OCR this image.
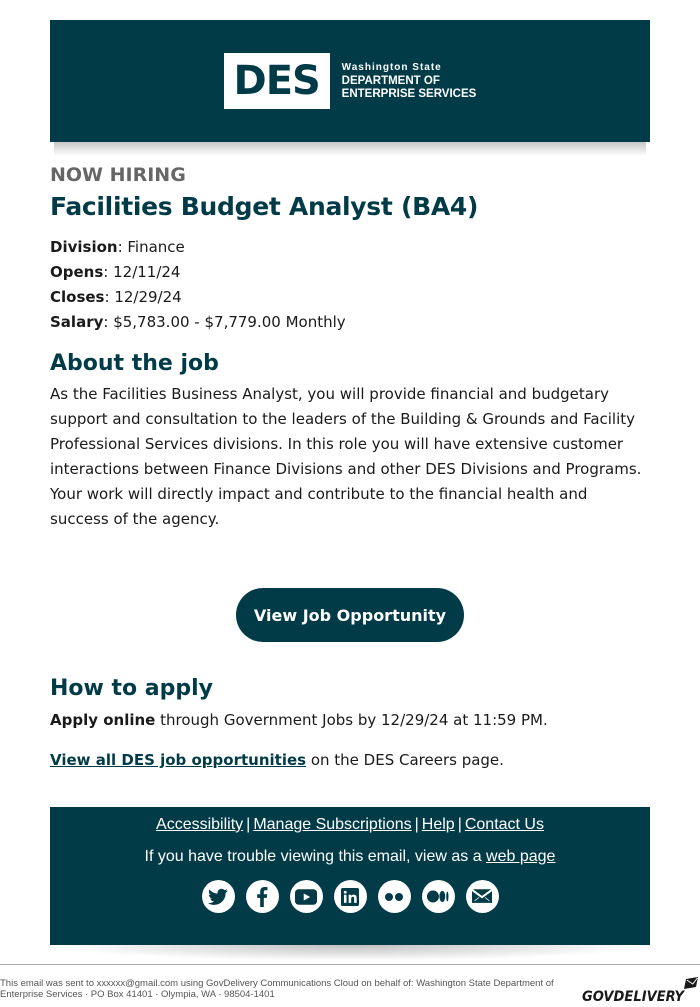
DES Washington State
DEPARTMENT OF
ENTERPRISE SERVICES
NOW HIRING
Facilities Budget Analyst (BA4)
Division: Finance
Opens: 12/11/24
Closes: 12/29/24
Salary: $5,783.00 - $7,779.00 Monthly
About the job

As the Facilities Business Analyst, you will provide financial and budgetary support and consultation to the leaders of the Building & Grounds and Facility Professional Services divisions. In this role you will have extensive customer interactions between Finance Divisions and other DES Divisions and Programs. Your work will directly impact and contribute to the financial health and success of the agency.

View Job Opportunity
How to apply

Apply online through Government Jobs by 12/29/24 at 11:59 PM.

View all DES job opportunities on the DES Careers page.

Accessibility | Manage Subscriptions | Help | Contact Us
If you have trouble viewing this email, view as a web page
This email was sent to xxxxxx@gmail.com using GovDelivery Communications Cloud on behalf of: Washington State Department of Enterprise Services · PO Box 41401 · Olympia, WA · 98504-1401	GOVDELIVERY
